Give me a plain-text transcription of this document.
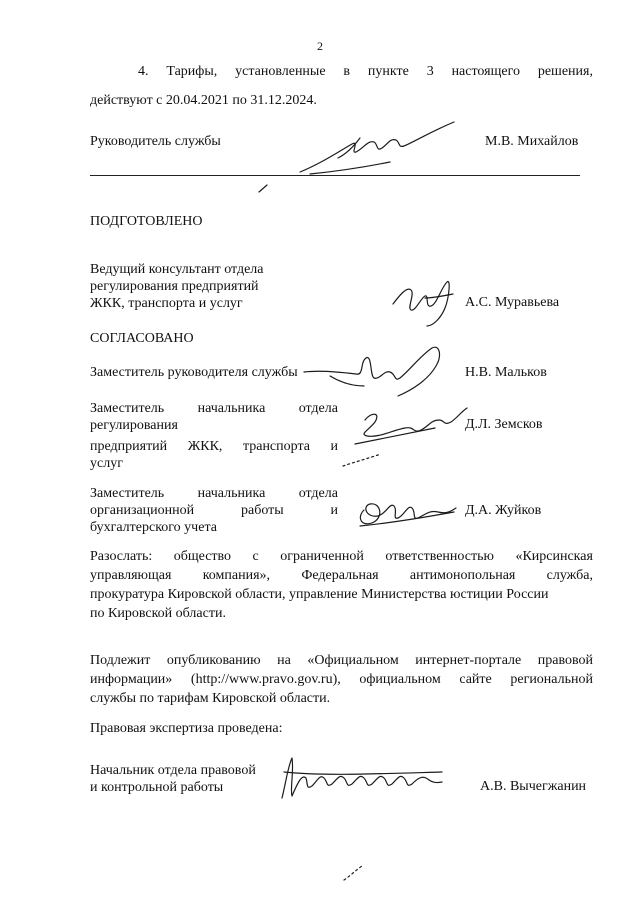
2
4. Тарифы, установленные в пункте 3 настоящего решения,
действуют с 20.04.2021 по 31.12.2024.
Руководитель службы	М.В. Михайлов
ПОДГОТОВЛЕНО
Ведущий консультант отдела
регулирования предприятий
ЖКК, транспорта и услуг	А.С. Муравьева
СОГЛАСОВАНО
Заместитель руководителя службы	Н.В. Мальков
Заместитель начальника отдела
регулирования
предприятий ЖКК, транспорта и
услуг
Д.Л. Земсков
Заместитель начальника отдела
организационной	работы	и
бухгалтерского учета
Д.А. Жуйков
Разослать: общество с ограниченной ответственностью «Кирсинская
управляющая компания», Федеральная антимонопольная служба,
прокуратура Кировской области, управление Министерства юстиции России
по Кировской области.
Подлежит опубликованию на «Официальном интернет-портале правовой
информации» (http://www.pravo.gov.ru), официальном сайте региональной
службы по тарифам Кировской области.
Правовая экспертиза проведена:
Начальник отдела правовой
и контрольной работы	А.В. Вычегжанин
